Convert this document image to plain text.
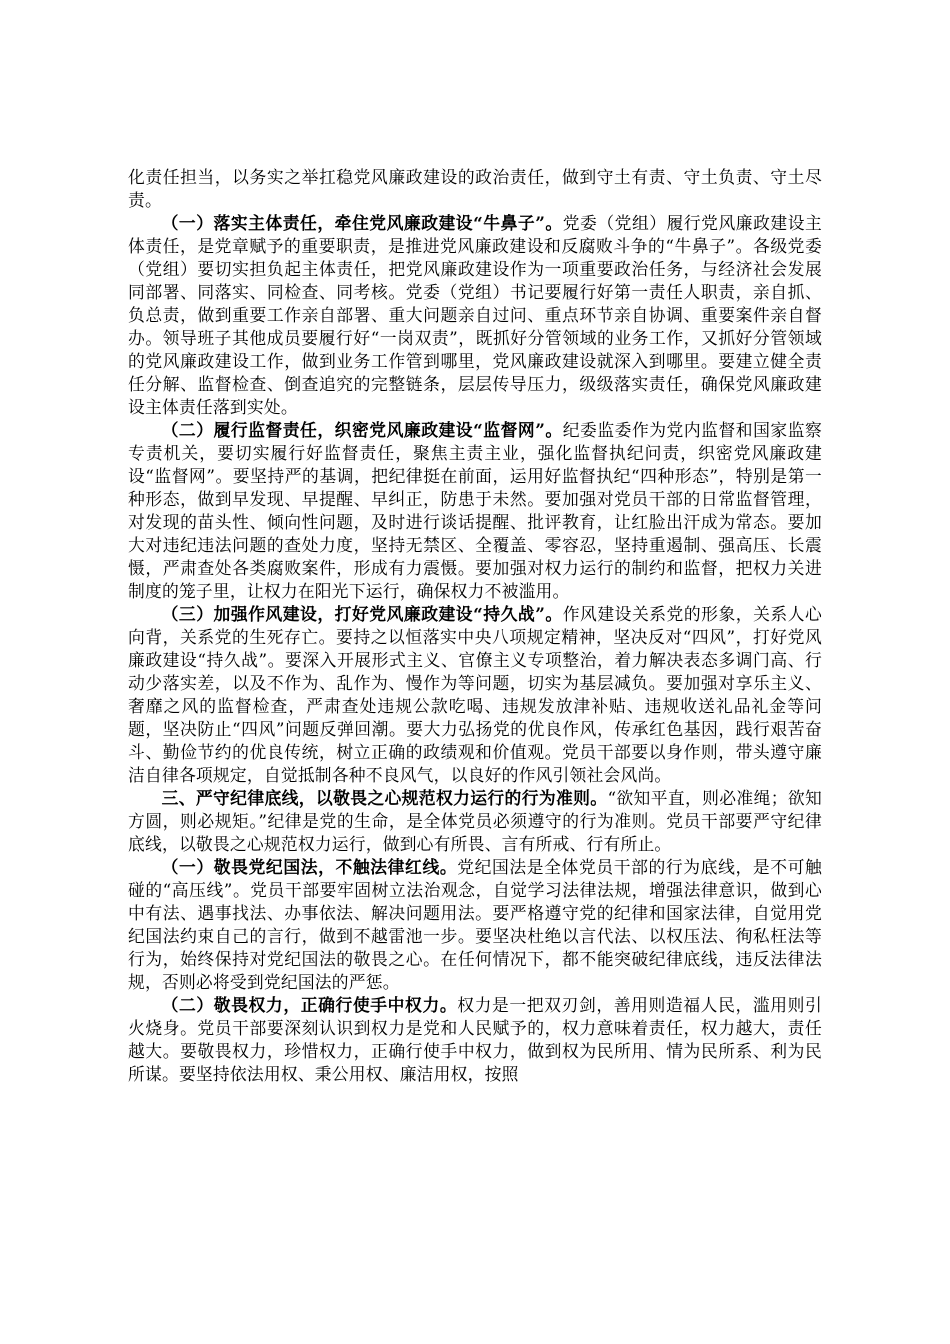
化责任担当，以务实之举扛稳党风廉政建设的政治责任，做到守土有责、守土负责、守土尽责。

（一）落实主体责任，牵住党风廉政建设“牛鼻子”。党委（党组）履行党风廉政建设主体责任，是党章赋予的重要职责，是推进党风廉政建设和反腐败斗争的“牛鼻子”。各级党委（党组）要切实担负起主体责任，把党风廉政建设作为一项重要政治任务，与经济社会发展同部署、同落实、同检查、同考核。党委（党组）书记要履行好第一责任人职责，亲自抓、负总责，做到重要工作亲自部署、重大问题亲自过问、重点环节亲自协调、重要案件亲自督办。领导班子其他成员要履行好“一岗双责”，既抓好分管领域的业务工作，又抓好分管领域的党风廉政建设工作，做到业务工作管到哪里，党风廉政建设就深入到哪里。要建立健全责任分解、监督检查、倒查追究的完整链条，层层传导压力，级级落实责任，确保党风廉政建设主体责任落到实处。

（二）履行监督责任，织密党风廉政建设“监督网”。纪委监委作为党内监督和国家监察专责机关，要切实履行好监督责任，聚焦主责主业，强化监督执纪问责，织密党风廉政建设“监督网”。要坚持严的基调，把纪律挺在前面，运用好监督执纪“四种形态”，特别是第一种形态，做到早发现、早提醒、早纠正，防患于未然。要加强对党员干部的日常监督管理，对发现的苗头性、倾向性问题，及时进行谈话提醒、批评教育，让红脸出汗成为常态。要加大对违纪违法问题的查处力度，坚持无禁区、全覆盖、零容忍，坚持重遏制、强高压、长震慑，严肃查处各类腐败案件，形成有力震慑。要加强对权力运行的制约和监督，把权力关进制度的笼子里，让权力在阳光下运行，确保权力不被滥用。

（三）加强作风建设，打好党风廉政建设“持久战”。作风建设关系党的形象，关系人心向背，关系党的生死存亡。要持之以恒落实中央八项规定精神，坚决反对“四风”，打好党风廉政建设“持久战”。要深入开展形式主义、官僚主义专项整治，着力解决表态多调门高、行动少落实差，以及不作为、乱作为、慢作为等问题，切实为基层减负。要加强对享乐主义、奢靡之风的监督检查，严肃查处违规公款吃喝、违规发放津补贴、违规收送礼品礼金等问题，坚决防止“四风”问题反弹回潮。要大力弘扬党的优良作风，传承红色基因，践行艰苦奋斗、勤俭节约的优良传统，树立正确的政绩观和价值观。党员干部要以身作则，带头遵守廉洁自律各项规定，自觉抵制各种不良风气，以良好的作风引领社会风尚。

三、严守纪律底线，以敬畏之心规范权力运行的行为准则。“欲知平直，则必准绳；欲知方圆，则必规矩。”纪律是党的生命，是全体党员必须遵守的行为准则。党员干部要严守纪律底线，以敬畏之心规范权力运行，做到心有所畏、言有所戒、行有所止。

（一）敬畏党纪国法，不触法律红线。党纪国法是全体党员干部的行为底线，是不可触碰的“高压线”。党员干部要牢固树立法治观念，自觉学习法律法规，增强法律意识，做到心中有法、遇事找法、办事依法、解决问题用法。要严格遵守党的纪律和国家法律，自觉用党纪国法约束自己的言行，做到不越雷池一步。要坚决杜绝以言代法、以权压法、徇私枉法等行为，始终保持对党纪国法的敬畏之心。在任何情况下，都不能突破纪律底线，违反法律法规，否则必将受到党纪国法的严惩。

（二）敬畏权力，正确行使手中权力。权力是一把双刃剑，善用则造福人民，滥用则引火烧身。党员干部要深刻认识到权力是党和人民赋予的，权力意味着责任，权力越大，责任越大。要敬畏权力，珍惜权力，正确行使手中权力，做到权为民所用、情为民所系、利为民所谋。要坚持依法用权、秉公用权、廉洁用权，按照
